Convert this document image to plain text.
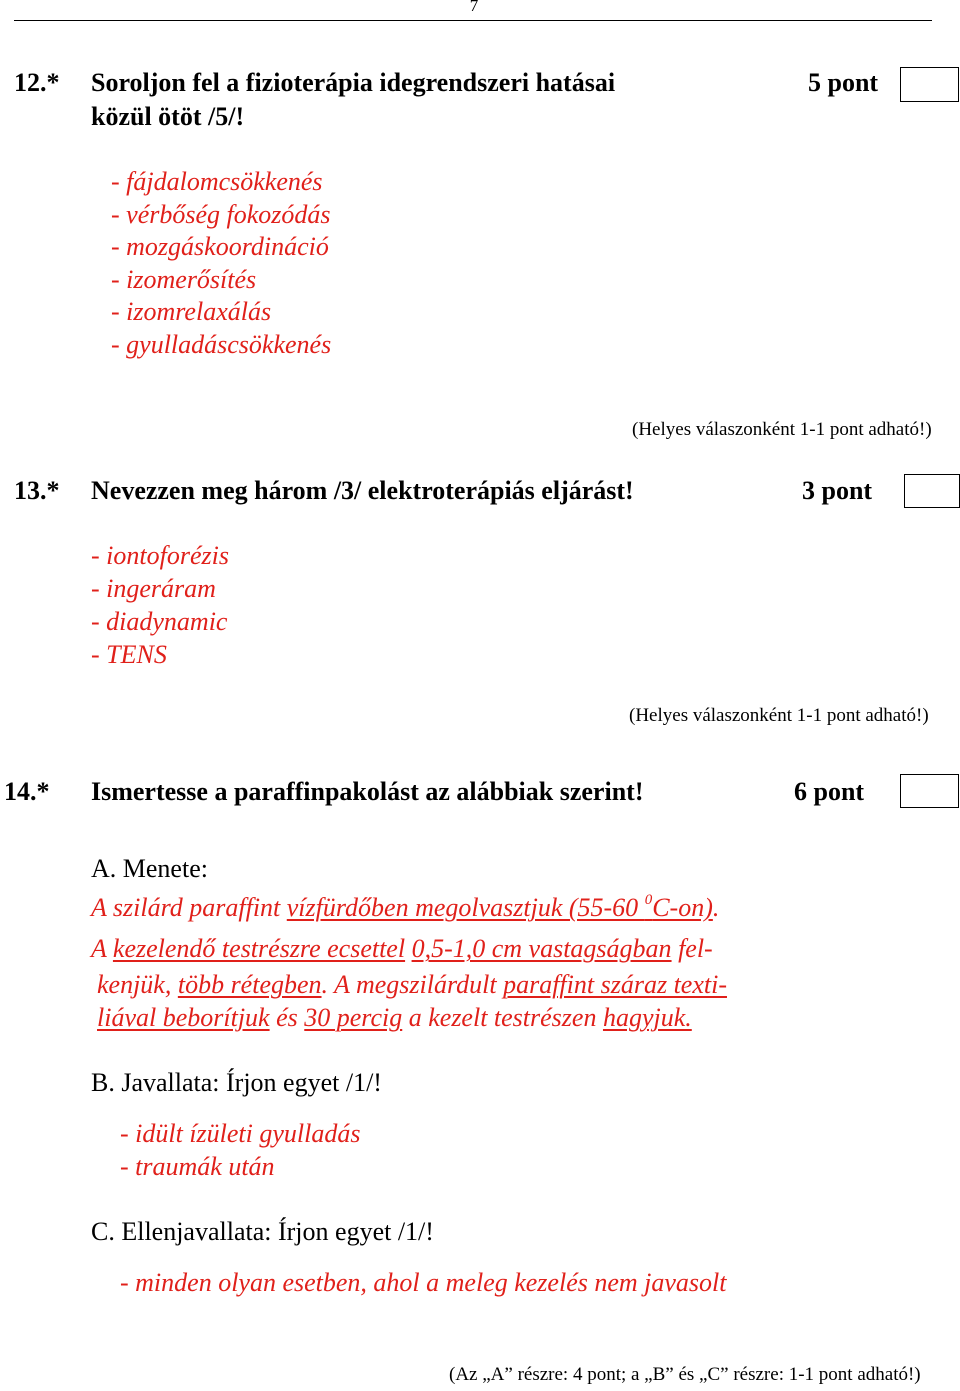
7
12.* Soroljon fel a fizioterápia idegrendszeri hatásai
közül ötöt /5/!
5 pont
- fájdalomcsökkenés
- vérbőség fokozódás
- mozgáskoordináció
- izomerősítés
- izomrelaxálás
- gyulladáscsökkenés
(Helyes válaszonként 1-1 pont adható!)
13.* Nevezzen meg három /3/ elektroterápiás eljárást!	3 pont
- iontoforézis
- ingeráram
- diadynamic
- TENS
(Helyes válaszonként 1-1 pont adható!)
14.* Ismertesse a paraffinpakolást az alábbiak szerint!	6 pont
A. Menete:
A szilárd paraffint vízfürdőben megolvasztjuk (55-60 $^0$C-on).
A kezelendő testrészre ecsettel 0,5-1,0 cm vastagságban fel-
kenjük, több rétegben. A megszilárdult paraffint száraz texti-
liával beborítjuk és 30 percig a kezelt testrészen hagyjuk.
B. Javallata: Írjon egyet /1/!
- idült ízületi gyulladás
- traumák után
C. Ellenjavallata: Írjon egyet /1/!
- minden olyan esetben, ahol a meleg kezelés nem javasolt
(Az „A” részre: 4 pont; a „B” és „C” részre: 1-1 pont adható!)
